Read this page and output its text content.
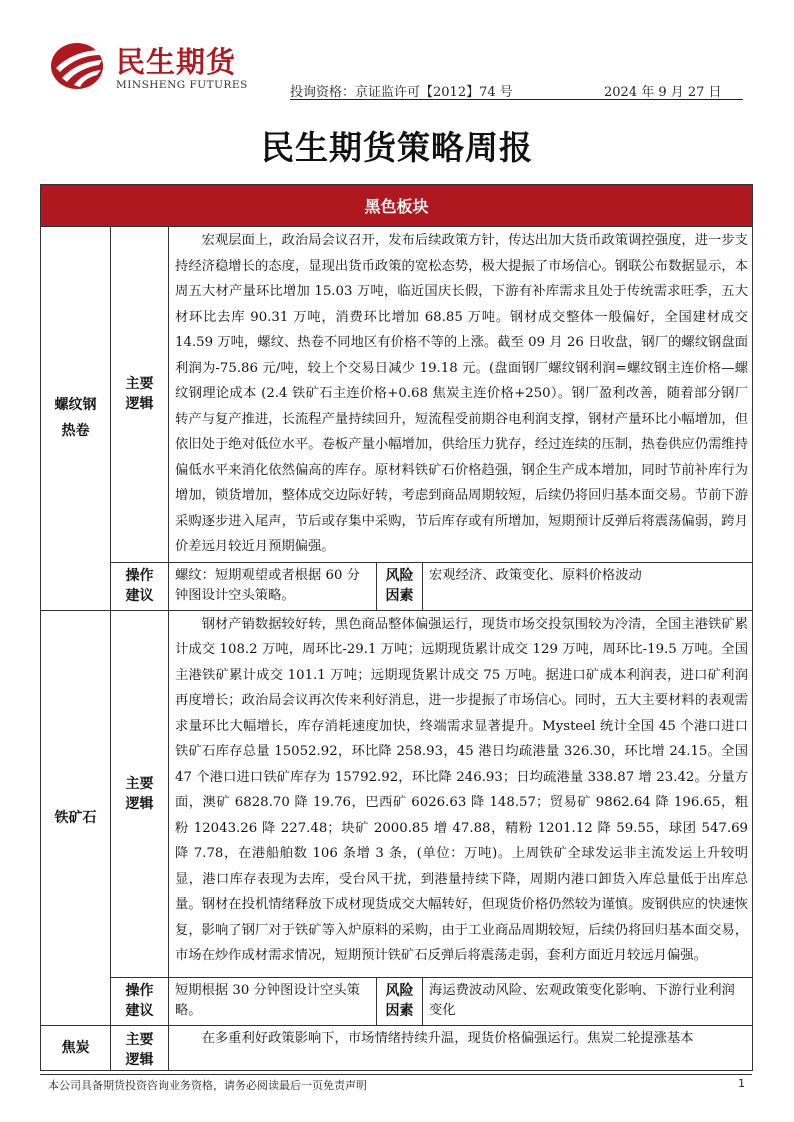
民生期货
MINSHENG FUTURES	投询资格：京证监许可【2012】74 号	2024 年 9 月 27 日
民生期货策略周报
黑色板块				

螺纹钢热卷	主要逻辑	宏观层面上，政治局会议召开，发布后续政策方针，传达出加大货币政策调控强度，进一步支持经济稳增长的态度，显现出货币政策的宽松态势，极大提振了市场信心。钢联公布数据显示，本周五大材产量环比增加 15.03 万吨，临近国庆长假，下游有补库需求且处于传统需求旺季，五大材环比去库 90.31 万吨，消费环比增加 68.85 万吨。钢材成交整体一般偏好，全国建材成交 14.59 万吨，螺纹、热卷不同地区有价格不等的上涨。截至 09 月 26 日收盘，钢厂的螺纹钢盘面利润为-75.86 元/吨，较上个交易日减少 19.18 元。(盘面钢厂螺纹钢利润=螺纹钢主连价格—螺纹钢理论成本 (2.4 铁矿石主连价格+0.68 焦炭主连价格+250）。钢厂盈利改善，随着部分钢厂转产与复产推进，长流程产量持续回升，短流程受前期谷电利润支撑，钢材产量环比小幅增加，但依旧处于绝对低位水平。卷板产量小幅增加，供给压力犹存，经过连续的压制，热卷供应仍需维持偏低水平来消化依然偏高的库存。原材料铁矿石价格趋强，钢企生产成本增加，同时节前补库行为增加，锁货增加，整体成交边际好转，考虑到商品周期较短，后续仍将回归基本面交易。节前下游采购逐步进入尾声，节后或存集中采购，节后库存或有所增加，短期预计反弹后将震荡偏弱，跨月价差远月较近月预期偏强。		

	操作建议	螺纹：短期观望或者根据 60 分钟图设计空头策略。	风险因素	宏观经济、政策变化、原料价格波动

铁矿石	主要逻辑	钢材产销数据较好转，黑色商品整体偏强运行，现货市场交投氛围较为冷清，全国主港铁矿累计成交 108.2 万吨，周环比-29.1 万吨；远期现货累计成交 129 万吨，周环比-19.5 万吨。全国主港铁矿累计成交 101.1 万吨；远期现货累计成交 75 万吨。据进口矿成本利润表，进口矿利润再度增长；政治局会议再次传来利好消息，进一步提振了市场信心。同时，五大主要材料的表观需求量环比大幅增长，库存消耗速度加快，终端需求显著提升。Mysteel 统计全国 45 个港口进口铁矿石库存总量 15052.92，环比降 258.93，45 港日均疏港量 326.30，环比增 24.15。全国 47 个港口进口铁矿库存为 15792.92，环比降 246.93；日均疏港量 338.87 增 23.42。分量方面，澳矿 6828.70 降 19.76，巴西矿 6026.63 降 148.57；贸易矿 9862.64 降 196.65，粗粉 12043.26 降 227.48；块矿 2000.85 增 47.88，精粉 1201.12 降 59.55，球团 547.69 降 7.78，在港船舶数 106 条增 3 条，(单位：万吨)。上周铁矿全球发运非主流发运上升较明显，港口库存表现为去库，受台风干扰，到港量持续下降，周期内港口卸货入库总量低于出库总量。钢材在投机情绪释放下成材现货成交大幅转好，但现货价格仍然较为谨慎。废钢供应的快速恢复，影响了钢厂对于铁矿等入炉原料的采购，由于工业商品周期较短，后续仍将回归基本面交易，市场在炒作成材需求情况，短期预计铁矿石反弹后将震荡走弱，套利方面近月较远月偏强。		

	操作建议	短期根据 30 分钟图设计空头策略。	风险因素	海运费波动风险、宏观政策变化影响、下游行业利润变化

焦炭	主要逻辑	在多重利好政策影响下，市场情绪持续升温，现货价格偏强运行。焦炭二轮提涨基本		

本公司具备期货投资咨询业务资格，请务必阅读最后一页免责声明	1
